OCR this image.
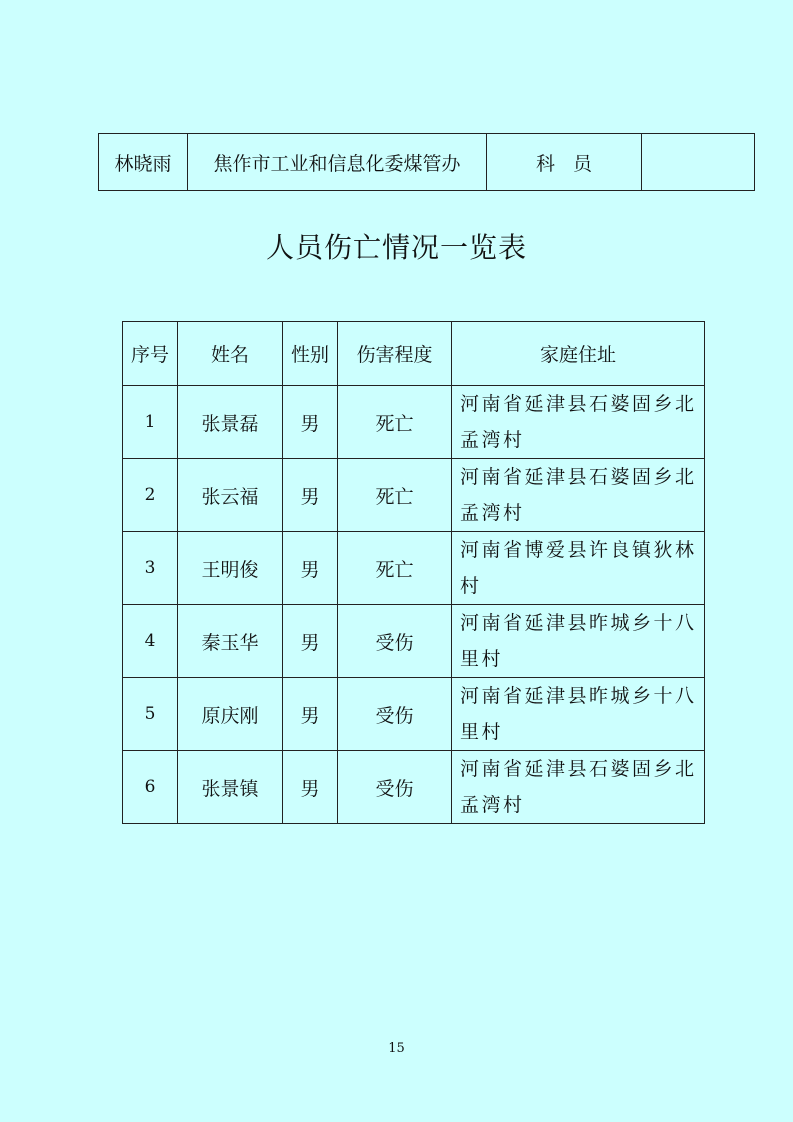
林晓雨	焦作市工业和信息化委煤管办	科员	
人员伤亡情况一览表
序号	姓名	性别	伤害程度	家庭住址
1	张景磊	男	死亡	河南省延津县石婆固乡北孟湾村
2	张云福	男	死亡	河南省延津县石婆固乡北孟湾村
3	王明俊	男	死亡	河南省博爱县许良镇狄林村
4	秦玉华	男	受伤	河南省延津县昨城乡十八里村
5	原庆刚	男	受伤	河南省延津县昨城乡十八里村
6	张景镇	男	受伤	河南省延津县石婆固乡北孟湾村
15
